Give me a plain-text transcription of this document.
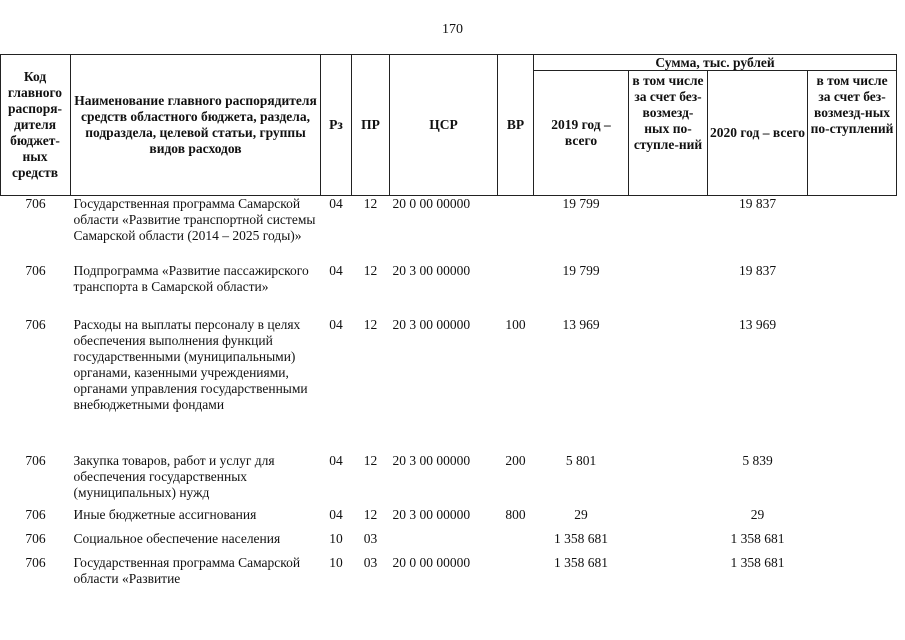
170
Код главного распоря-дителя бюджет-ных средств	Наименование главного распорядителя средств областного бюджета, раздела, подраздела, целевой статьи, группы видов расходов	Рз	ПР	ЦСР	ВР	Сумма, тыс. рублей			
						2019 год – всего	в том числе за счет без-возмезд-ных по-ступле-ний	2020 год – всего	в том числе за счет без-возмезд-ных по-ступлений
706	Государственная программа Самарской области «Развитие транспортной системы Самарской области (2014 – 2025 годы)»	04	12	20 0 00 00000		19 799		19 837	
706	Подпрограмма «Развитие пассажирского транспорта в Самарской области»	04	12	20 3 00 00000		19 799		19 837	
706	Расходы на выплаты персоналу в целях обеспечения выполнения функций государственными (муниципальными) органами, казенными учреждениями, органами управления государственными внебюджетными фондами	04	12	20 3 00 00000	100	13 969		13 969	
706	Закупка товаров, работ и услуг для обеспечения государственных (муниципальных) нужд	04	12	20 3 00 00000	200	5 801		5 839	
706	Иные бюджетные ассигнования	04	12	20 3 00 00000	800	29		29	
706	Социальное обеспечение населения	10	03			1 358 681		1 358 681	
706	Государственная программа Самарской области «Развитие	10	03	20 0 00 00000		1 358 681		1 358 681	
